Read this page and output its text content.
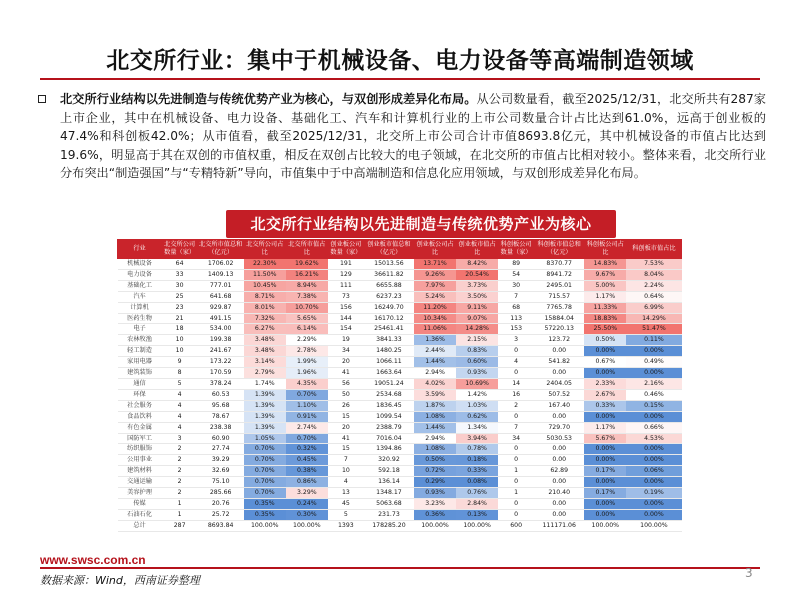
北交所行业：集中于机械设备、电力设备等高端制造领域
北交所行业结构以先进制造与传统优势产业为核心，与双创形成差异化布局。从公司数量看，截至2025/12/31，北交所共有287家上市企业，其中在机械设备、电力设备、基础化工、汽车和计算机行业的上市公司数量合计占比达到61.0%，远高于创业板的47.4%和科创板42.0%；从市值看，截至2025/12/31，北交所上市公司合计市值8693.8亿元，其中机械设备的市值占比达到19.6%，明显高于其在双创的市值权重，相反在双创占比较大的电子领域，在北交所的市值占比相对较小。整体来看，北交所行业分布突出“制造强国”与“专精特新”导向，市值集中于中高端制造和信息化应用领域，与双创形成差异化布局。
北交所行业结构以先进制造与传统优势产业为核心
行业	北交所公司数量（家）	北交所市值总和（亿元）	北交所公司占比	北交所市值占比	创业板公司数量（家）	创业板市值总和（亿元）	创业板公司占比	创业板市值占比	科创板公司数量（家）	科创板市值总和（亿元）	科创板公司占比	科创板市值占比
机械设备	64	1706.02	22.30%	19.62%	191	15013.56	13.71%	8.42%	89	8370.77	14.83%	7.53%
电力设备	33	1409.13	11.50%	16.21%	129	36611.82	9.26%	20.54%	54	8941.72	9.67%	8.04%
基础化工	30	777.01	10.45%	8.94%	111	6655.88	7.97%	3.73%	30	2495.01	5.00%	2.24%
汽车	25	641.68	8.71%	7.38%	73	6237.23	5.24%	3.50%	7	715.57	1.17%	0.64%
计算机	23	929.87	8.01%	10.70%	156	16249.70	11.20%	9.11%	68	7765.78	11.33%	6.99%
医药生物	21	491.15	7.32%	5.65%	144	16170.12	10.34%	9.07%	113	15884.04	18.83%	14.29%
电子	18	534.00	6.27%	6.14%	154	25461.41	11.06%	14.28%	153	57220.13	25.50%	51.47%
农林牧渔	10	199.38	3.48%	2.29%	19	3841.33	1.36%	2.15%	3	123.72	0.50%	0.11%
轻工制造	10	241.67	3.48%	2.78%	34	1480.25	2.44%	0.83%	0	0.00	0.00%	0.00%
家用电器	9	173.22	3.14%	1.99%	20	1066.11	1.44%	0.60%	4	541.82	0.67%	0.49%
建筑装饰	8	170.59	2.79%	1.96%	41	1663.64	2.94%	0.93%	0	0.00	0.00%	0.00%
通信	5	378.24	1.74%	4.35%	56	19051.24	4.02%	10.69%	14	2404.05	2.33%	2.16%
环保	4	60.53	1.39%	0.70%	50	2534.68	3.59%	1.42%	16	507.52	2.67%	0.46%
社会服务	4	95.68	1.39%	1.10%	26	1836.45	1.87%	1.03%	2	167.40	0.33%	0.15%
食品饮料	4	78.67	1.39%	0.91%	15	1099.54	1.08%	0.62%	0	0.00	0.00%	0.00%
有色金属	4	238.38	1.39%	2.74%	20	2388.79	1.44%	1.34%	7	729.70	1.17%	0.66%
国防军工	3	60.90	1.05%	0.70%	41	7016.04	2.94%	3.94%	34	5030.53	5.67%	4.53%
纺织服饰	2	27.74	0.70%	0.32%	15	1394.86	1.08%	0.78%	0	0.00	0.00%	0.00%
公用事业	2	39.29	0.70%	0.45%	7	320.92	0.50%	0.18%	0	0.00	0.00%	0.00%
建筑材料	2	32.69	0.70%	0.38%	10	592.18	0.72%	0.33%	1	62.89	0.17%	0.06%
交通运输	2	75.10	0.70%	0.86%	4	136.14	0.29%	0.08%	0	0.00	0.00%	0.00%
美容护理	2	285.66	0.70%	3.29%	13	1348.17	0.93%	0.76%	1	210.40	0.17%	0.19%
传媒	1	20.76	0.35%	0.24%	45	5063.68	3.23%	2.84%	0	0.00	0.00%	0.00%
石油石化	1	25.72	0.35%	0.30%	5	231.73	0.36%	0.13%	0	0.00	0.00%	0.00%
总计	287	8693.84	100.00%	100.00%	1393	178285.20	100.00%	100.00%	600	111171.06	100.00%	100.00%
www.swsc.com.cn
数据来源：Wind，西南证券整理
3
